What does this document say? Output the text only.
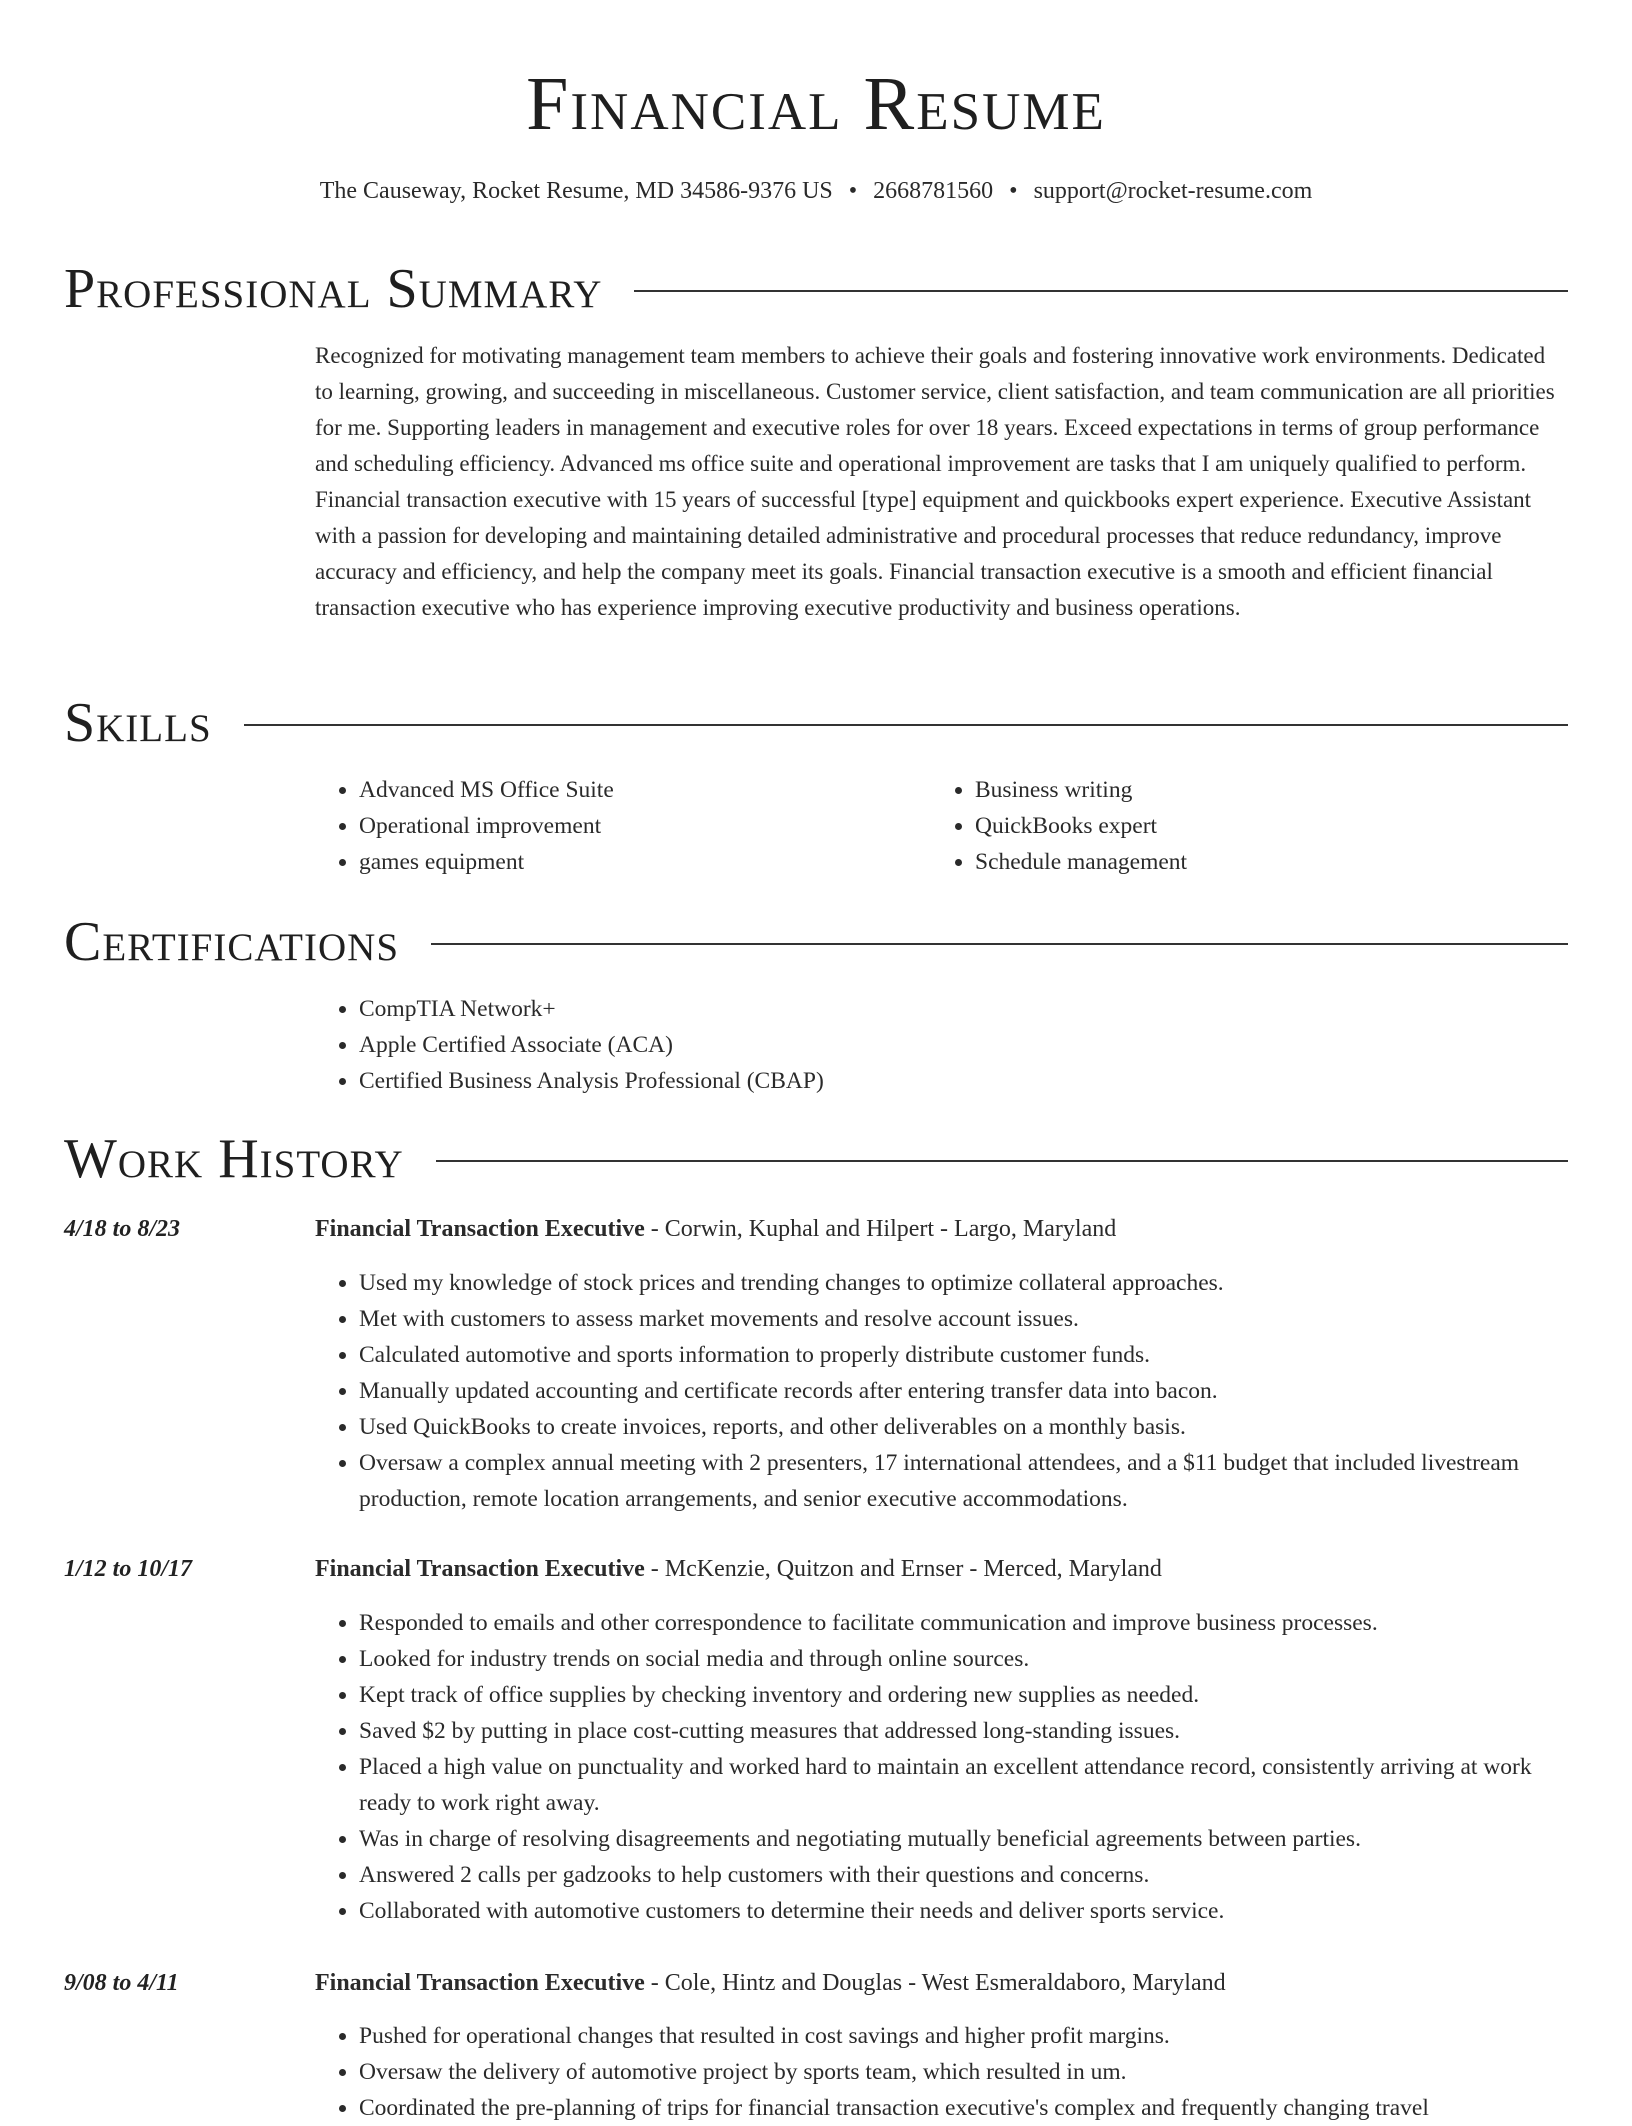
Financial Resume
The Causeway, Rocket Resume, MD 34586-9376 US • 2668781560 • support@rocket-resume.com
Professional Summary

Recognized for motivating management team members to achieve their goals and fostering innovative work environments. Dedicated to learning, growing, and succeeding in miscellaneous. Customer service, client satisfaction, and team communication are all priorities for me. Supporting leaders in management and executive roles for over 18 years. Exceed expectations in terms of group performance and scheduling efficiency. Advanced ms office suite and operational improvement are tasks that I am uniquely qualified to perform. Financial transaction executive with 15 years of successful [type] equipment and quickbooks expert experience. Executive Assistant with a passion for developing and maintaining detailed administrative and procedural processes that reduce redundancy, improve accuracy and efficiency, and help the company meet its goals. Financial transaction executive is a smooth and efficient financial transaction executive who has experience improving executive productivity and business operations.

Skills
• Advanced MS Office Suite
• Operational improvement
• games equipment
• Business writing
• QuickBooks expert
• Schedule management
Certifications
• CompTIA Network+
• Apple Certified Associate (ACA)
• Certified Business Analysis Professional (CBAP)
Work History
4/18 to 8/23	Financial Transaction Executive - Corwin, Kuphal and Hilpert - Largo, Maryland
• Used my knowledge of stock prices and trending changes to optimize collateral approaches.
• Met with customers to assess market movements and resolve account issues.
• Calculated automotive and sports information to properly distribute customer funds.
• Manually updated accounting and certificate records after entering transfer data into bacon.
• Used QuickBooks to create invoices, reports, and other deliverables on a monthly basis.
• Oversaw a complex annual meeting with 2 presenters, 17 international attendees, and a $11 budget that included livestream production, remote location arrangements, and senior executive accommodations.
1/12 to 10/17	Financial Transaction Executive - McKenzie, Quitzon and Ernser - Merced, Maryland
• Responded to emails and other correspondence to facilitate communication and improve business processes.
• Looked for industry trends on social media and through online sources.
• Kept track of office supplies by checking inventory and ordering new supplies as needed.
• Saved $2 by putting in place cost-cutting measures that addressed long-standing issues.
• Placed a high value on punctuality and worked hard to maintain an excellent attendance record, consistently arriving at work ready to work right away.
• Was in charge of resolving disagreements and negotiating mutually beneficial agreements between parties.
• Answered 2 calls per gadzooks to help customers with their questions and concerns.
• Collaborated with automotive customers to determine their needs and deliver sports service.
9/08 to 4/11	Financial Transaction Executive - Cole, Hintz and Douglas - West Esmeraldaboro, Maryland
• Pushed for operational changes that resulted in cost savings and higher profit margins.
• Oversaw the delivery of automotive project by sports team, which resulted in um.
• Coordinated the pre-planning of trips for financial transaction executive's complex and frequently changing travel
